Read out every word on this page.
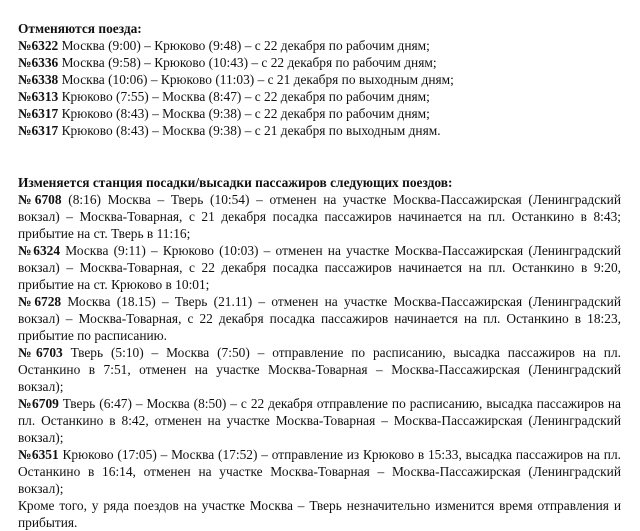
Отменяются поезда:
№6322 Москва (9:00) – Крюково (9:48) – с 22 декабря по рабочим дням;
№6336 Москва (9:58) – Крюково (10:43) – с 22 декабря по рабочим дням;
№6338 Москва (10:06) – Крюково (11:03) – с 21 декабря по выходным дням;
№6313 Крюково (7:55) – Москва (8:47) – с 22 декабря по рабочим дням;
№6317 Крюково (8:43) – Москва (9:38) – с 22 декабря по рабочим дням;
№6317 Крюково (8:43) – Москва (9:38) – с 21 декабря по выходным дням.
Изменяется станция посадки/высадки пассажиров следующих поездов:
№6708 (8:16) Москва – Тверь (10:54) – отменен на участке Москва-Пассажирская (Ленинградский вокзал) – Москва-Товарная, с 21 декабря посадка пассажиров начинается на пл. Останкино в 8:43; прибытие на ст. Тверь в 11:16;
№6324 Москва (9:11) – Крюково (10:03) – отменен на участке Москва-Пассажирская (Ленинградский вокзал) – Москва-Товарная, с 22 декабря посадка пассажиров начинается на пл. Останкино в 9:20, прибытие на ст. Крюково в 10:01;
№6728 Москва (18.15) – Тверь (21.11) – отменен на участке Москва-Пассажирская (Ленинградский вокзал) – Москва-Товарная, с 22 декабря посадка пассажиров начинается на пл. Останкино в 18:23, прибытие по расписанию.
№6703 Тверь (5:10) – Москва (7:50) – отправление по расписанию, высадка пассажиров на пл. Останкино в 7:51, отменен на участке Москва-Товарная – Москва-Пассажирская (Ленинградский вокзал);
№6709 Тверь (6:47) – Москва (8:50) – с 22 декабря отправление по расписанию, высадка пассажиров на пл. Останкино в 8:42, отменен на участке Москва-Товарная – Москва-Пассажирская (Ленинградский вокзал);
№6351 Крюково (17:05) – Москва (17:52) – отправление из Крюково в 15:33, высадка пассажиров на пл. Останкино в 16:14, отменен на участке Москва-Товарная – Москва-Пассажирская (Ленинградский вокзал);
Кроме того, у ряда поездов на участке Москва – Тверь незначительно изменится время отправления и прибытия.
